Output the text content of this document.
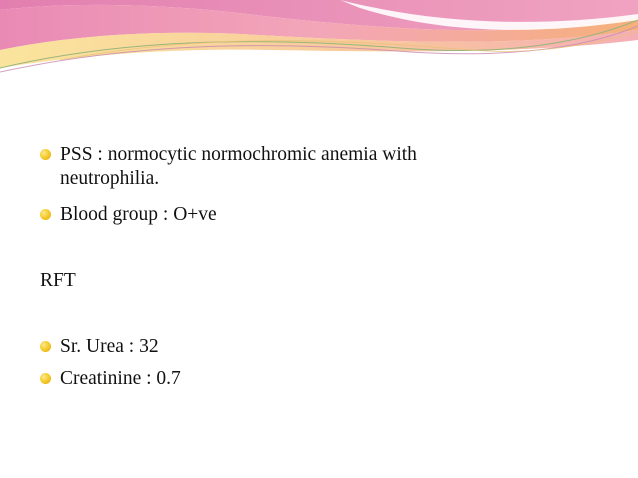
PSS : normocytic normochromic anemia with
neutrophilia.
Blood group : O+ve
RFT
Sr. Urea : 32
Creatinine : 0.7
